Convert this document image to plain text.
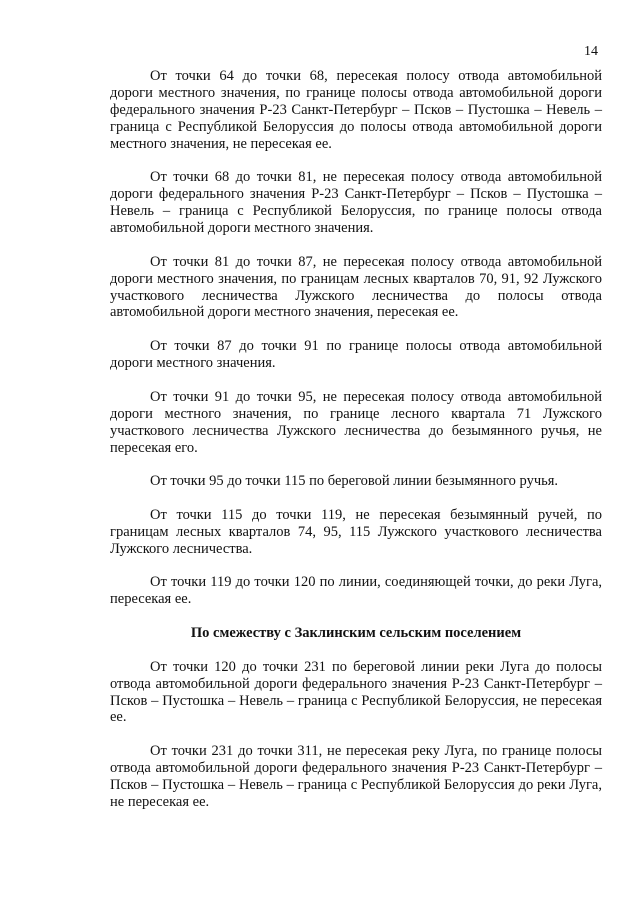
14

От точки 64 до точки 68, пересекая полосу отвода автомобильной дороги местного значения, по границе полосы отвода автомобильной дороги федерального значения Р-23 Санкт-Петербург – Псков – Пустошка – Невель – граница с Республикой Белоруссия до полосы отвода автомобильной дороги местного значения, не пересекая ее.

От точки 68 до точки 81, не пересекая полосу отвода автомобильной дороги федерального значения Р-23 Санкт-Петербург – Псков – Пустошка – Невель – граница с Республикой Белоруссия, по границе полосы отвода автомобильной дороги местного значения.

От точки 81 до точки 87, не пересекая полосу отвода автомобильной дороги местного значения, по границам лесных кварталов 70, 91, 92 Лужского участкового лесничества Лужского лесничества до полосы отвода автомобильной дороги местного значения, пересекая ее.

От точки 87 до точки 91 по границе полосы отвода автомобильной дороги местного значения.

От точки 91 до точки 95, не пересекая полосу отвода автомобильной дороги местного значения, по границе лесного квартала 71 Лужского участкового лесничества Лужского лесничества до безымянного ручья, не пересекая его.

От точки 95 до точки 115 по береговой линии безымянного ручья.

От точки 115 до точки 119, не пересекая безымянный ручей, по границам лесных кварталов 74, 95, 115 Лужского участкового лесничества Лужского лесничества.

От точки 119 до точки 120 по линии, соединяющей точки, до реки Луга, пересекая ее.

По смежеству с Заклинским сельским поселением

От точки 120 до точки 231 по береговой линии реки Луга до полосы отвода автомобильной дороги федерального значения Р-23 Санкт-Петербург – Псков – Пустошка – Невель – граница с Республикой Белоруссия, не пересекая ее.

От точки 231 до точки 311, не пересекая реку Луга, по границе полосы отвода автомобильной дороги федерального значения Р-23 Санкт-Петербург – Псков – Пустошка – Невель – граница с Республикой Белоруссия до реки Луга, не пересекая ее.
